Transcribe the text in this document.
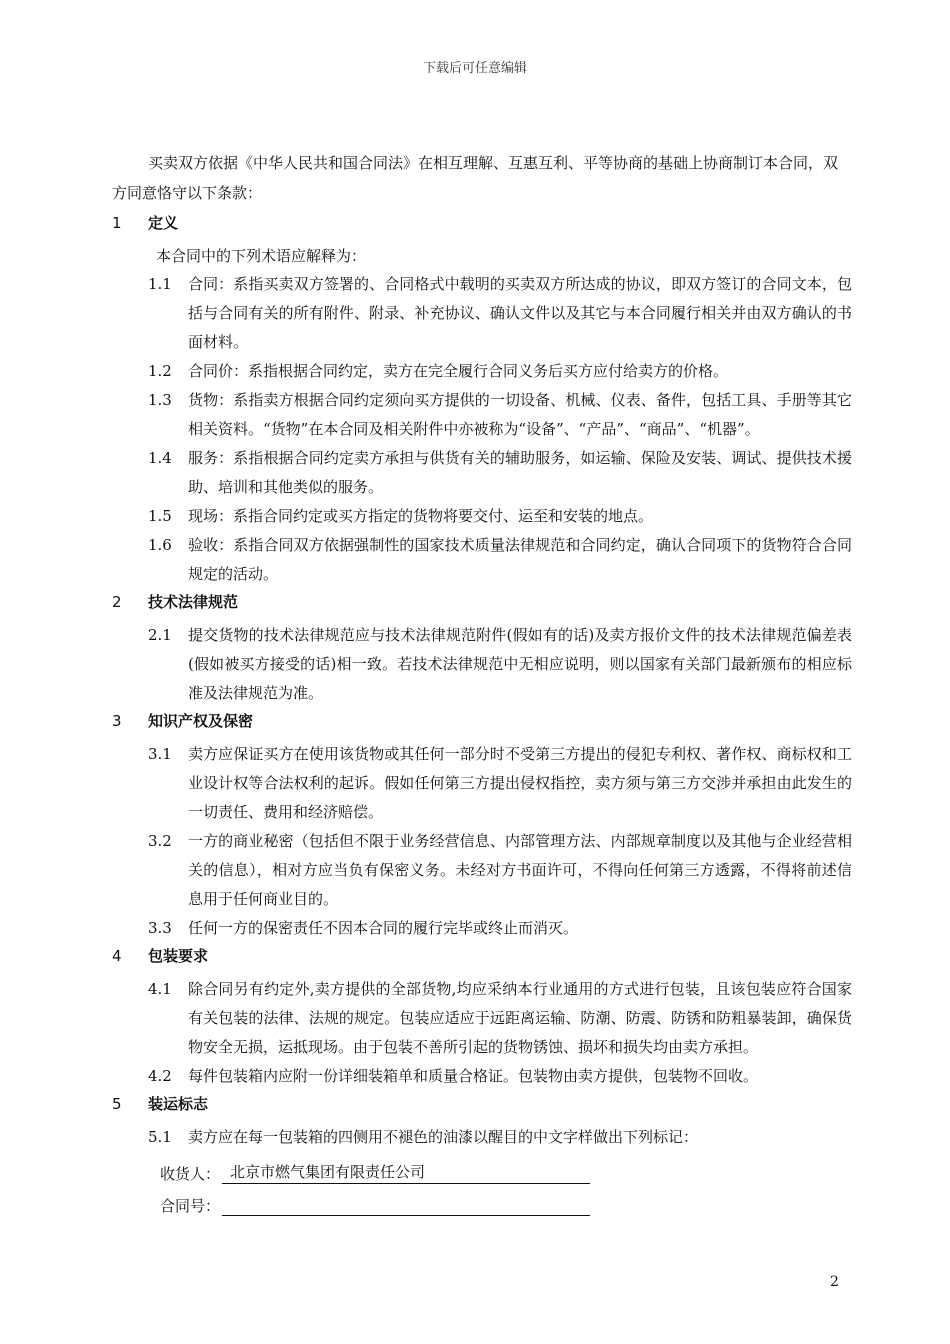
下载后可任意编辑

买卖双方依据《中华人民共和国合同法》在相互理解、互惠互利、平等协商的基础上协商制订本合同，双方同意恪守以下条款：

1	定义
本合同中的下列术语应解释为：
1.1	合同：系指买卖双方签署的、合同格式中载明的买卖双方所达成的协议，即双方签订的合同文本，包括与合同有关的所有附件、附录、补充协议、确认文件以及其它与本合同履行相关并由双方确认的书面材料。
1.2	合同价：系指根据合同约定，卖方在完全履行合同义务后买方应付给卖方的价格。
1.3	货物：系指卖方根据合同约定须向买方提供的一切设备、机械、仪表、备件，包括工具、手册等其它相关资料。“货物”在本合同及相关附件中亦被称为“设备”、“产品”、“商品”、“机器”。
1.4	服务：系指根据合同约定卖方承担与供货有关的辅助服务，如运输、保险及安装、调试、提供技术援助、培训和其他类似的服务。
1.5	现场：系指合同约定或买方指定的货物将要交付、运至和安装的地点。
1.6	验收：系指合同双方依据强制性的国家技术质量法律规范和合同约定，确认合同项下的货物符合合同规定的活动。
2	技术法律规范
2.1	提交货物的技术法律规范应与技术法律规范附件(假如有的话)及卖方报价文件的技术法律规范偏差表(假如被买方接受的话)相一致。若技术法律规范中无相应说明，则以国家有关部门最新颁布的相应标准及法律规范为准。
3	知识产权及保密
3.1	卖方应保证买方在使用该货物或其任何一部分时不受第三方提出的侵犯专利权、著作权、商标权和工业设计权等合法权利的起诉。假如任何第三方提出侵权指控，卖方须与第三方交涉并承担由此发生的一切责任、费用和经济赔偿。
3.2	一方的商业秘密（包括但不限于业务经营信息、内部管理方法、内部规章制度以及其他与企业经营相关的信息），相对方应当负有保密义务。未经对方书面许可，不得向任何第三方透露，不得将前述信息用于任何商业目的。
3.3	任何一方的保密责任不因本合同的履行完毕或终止而消灭。
4	包装要求
4.1	除合同另有约定外,卖方提供的全部货物,均应采纳本行业通用的方式进行包装，且该包装应符合国家有关包装的法律、法规的规定。包装应适应于远距离运输、防潮、防震、防锈和防粗暴装卸，确保货物安全无损，运抵现场。由于包装不善所引起的货物锈蚀、损坏和损失均由卖方承担。
4.2	每件包装箱内应附一份详细装箱单和质量合格证。包装物由卖方提供，包装物不回收。
5	装运标志
5.1	卖方应在每一包装箱的四侧用不褪色的油漆以醒目的中文字样做出下列标记：
收货人： 北京市燃气集团有限责任公司
合同号：
2
